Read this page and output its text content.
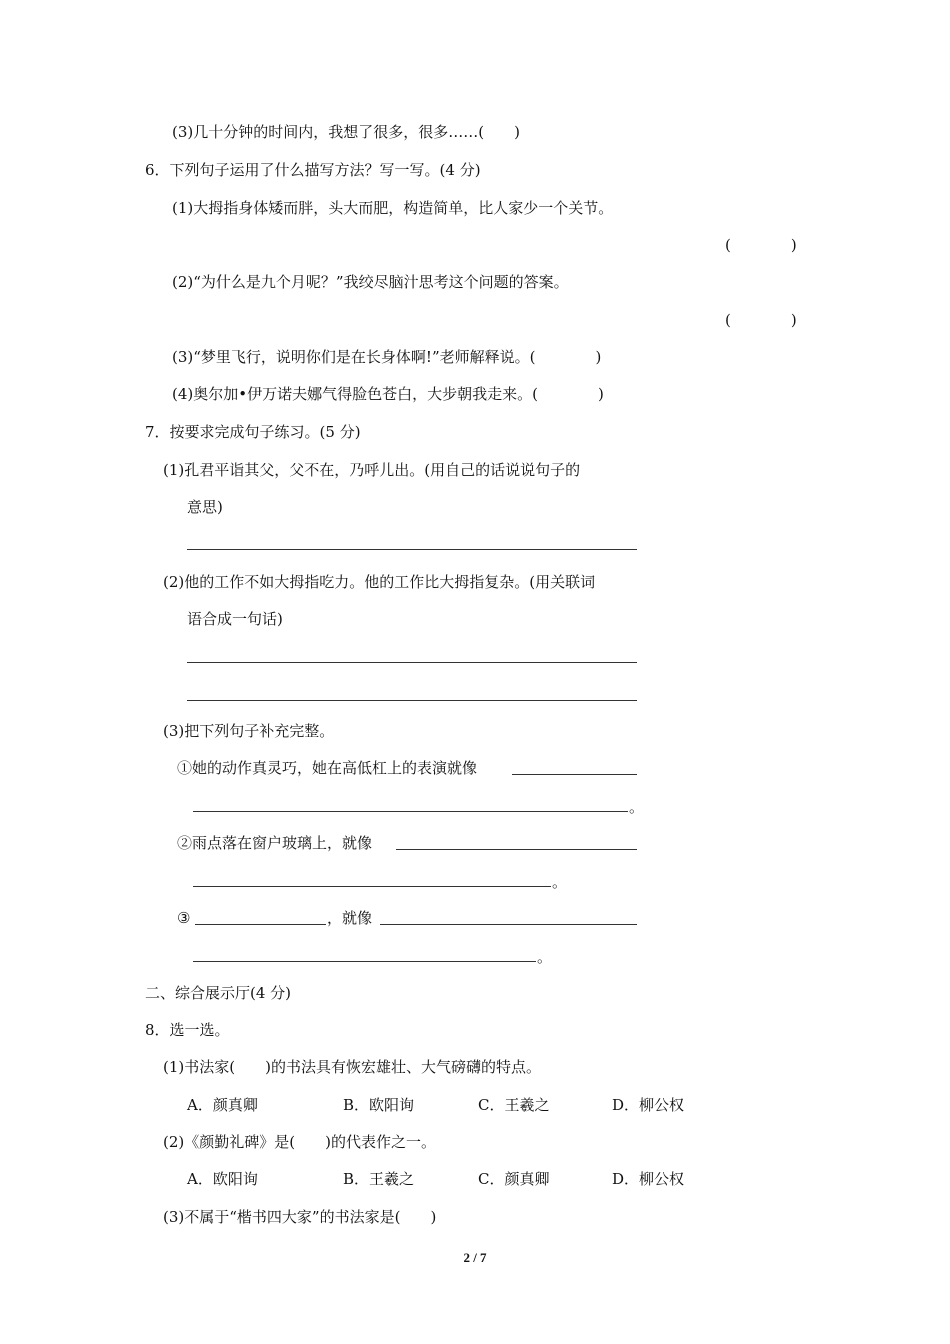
(3)几十分钟的时间内，我想了很多，很多……(　　)
6．下列句子运用了什么描写方法？写一写。(4 分)
(1)大拇指身体矮而胖，头大而肥，构造简单，比人家少一个关节。
(　　　　)
(2)“为什么是九个月呢？”我绞尽脑汁思考这个问题的答案。
(　　　　)
(3)“梦里飞行，说明你们是在长身体啊!”老师解释说。(　　　　)
(4)奥尔加•伊万诺夫娜气得脸色苍白，大步朝我走来。(　　　　)
7．按要求完成句子练习。(5 分)
(1)孔君平诣其父，父不在，乃呼儿出。(用自己的话说说句子的
意思)
(2)他的工作不如大拇指吃力。他的工作比大拇指复杂。(用关联词
语合成一句话)
(3)把下列句子补充完整。
①她的动作真灵巧，她在高低杠上的表演就像
。
②雨点落在窗户玻璃上，就像
。
③	，就像
。
二、综合展示厅(4 分)
8．选一选。
(1)书法家(　　)的书法具有恢宏雄壮、大气磅礴的特点。
A．颜真卿	B．欧阳询	C．王羲之	D．柳公权
(2)《颜勤礼碑》是(　　)的代表作之一。
A．欧阳询	B．王羲之	C．颜真卿	D．柳公权
(3)不属于“楷书四大家”的书法家是(　　)
2 / 7
